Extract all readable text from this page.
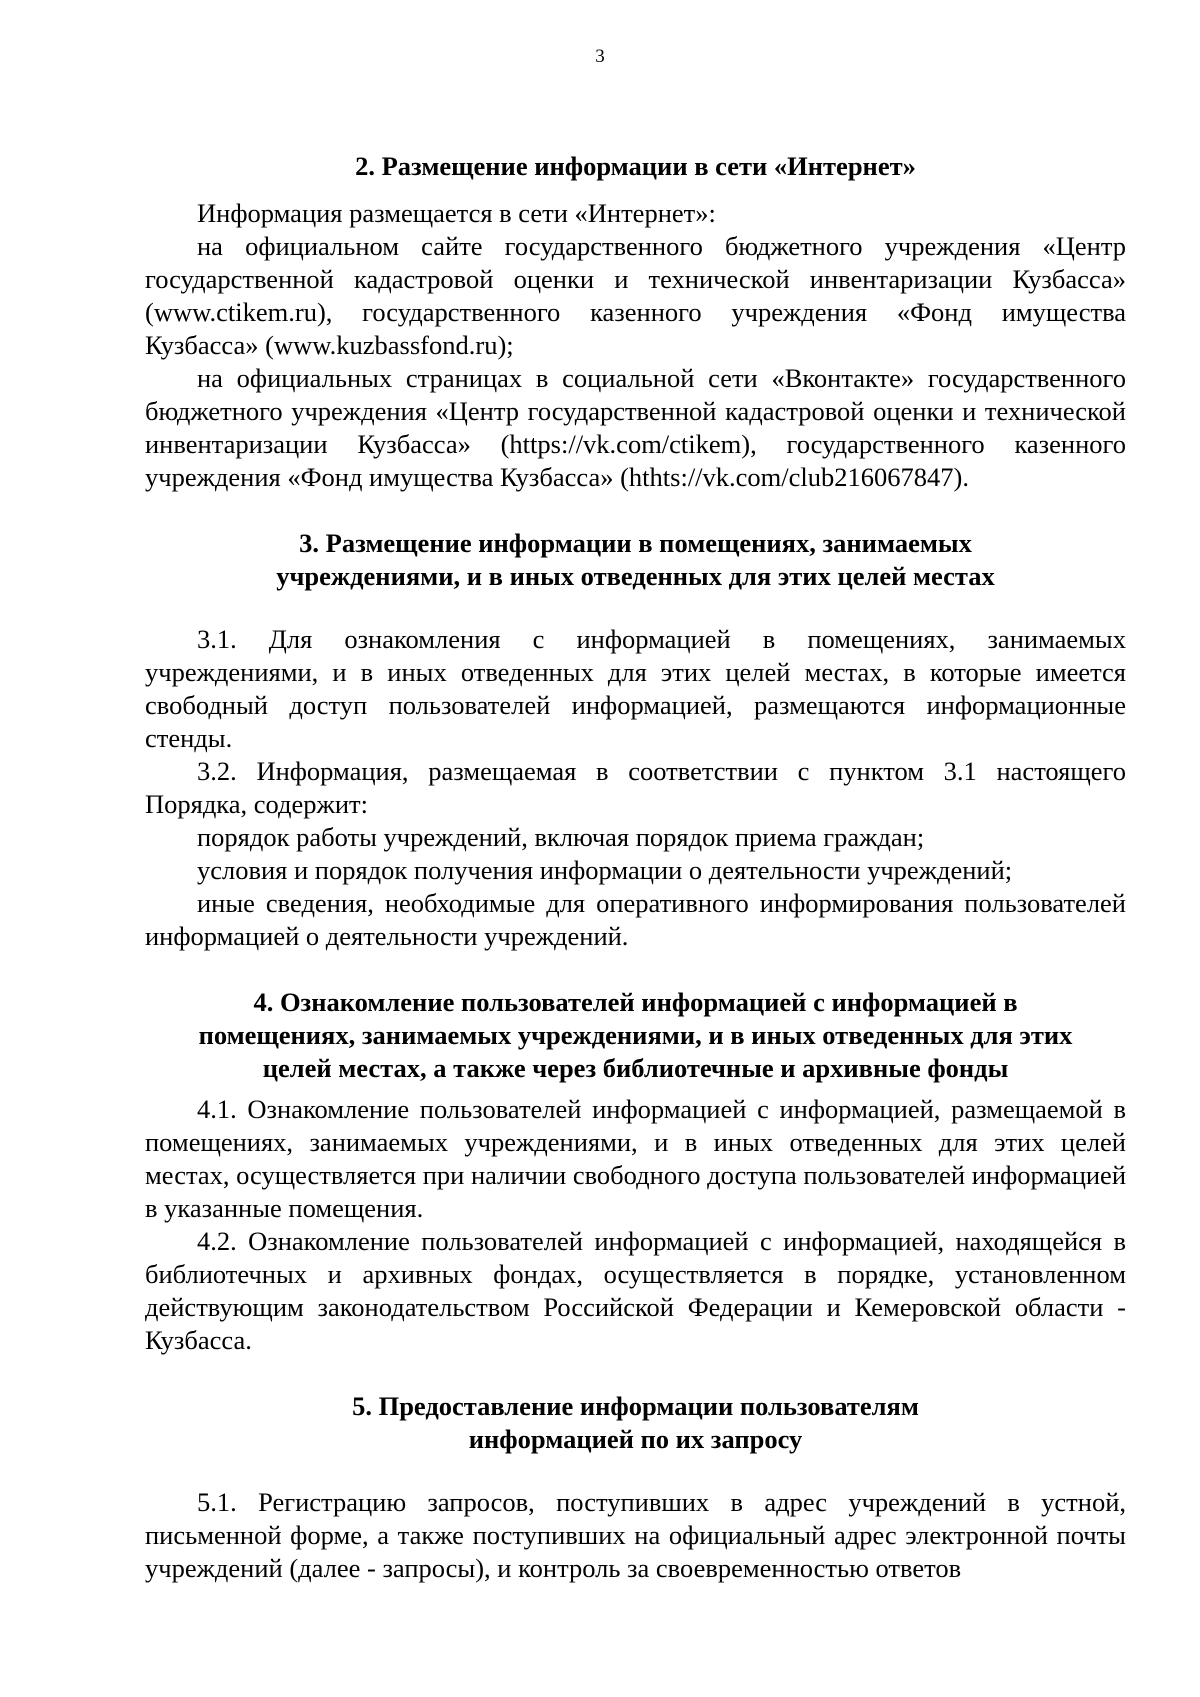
3

2. Размещение информации в сети «Интернет»

Информация размещается в сети «Интернет»:

на официальном сайте государственного бюджетного учреждения «Центр государственной кадастровой оценки и технической инвентаризации Кузбасса» (www.ctikem.ru), государственного казенного учреждения «Фонд имущества Кузбасса» (www.kuzbassfond.ru);

на официальных страницах в социальной сети «Вконтакте» государственного бюджетного учреждения «Центр государственной кадастровой оценки и технической инвентаризации Кузбасса» (https://vk.com/ctikem), государственного казенного учреждения «Фонд имущества Кузбасса» (hthts://vk.com/club216067847).

3. Размещение информации в помещениях, занимаемых
учреждениями, и в иных отведенных для этих целей местах

3.1. Для ознакомления с информацией в помещениях, занимаемых учреждениями, и в иных отведенных для этих целей местах, в которые имеется свободный доступ пользователей информацией, размещаются информационные стенды.

3.2. Информация, размещаемая в соответствии с пунктом 3.1 настоящего Порядка, содержит:

порядок работы учреждений, включая порядок приема граждан;

условия и порядок получения информации о деятельности учреждений;

иные сведения, необходимые для оперативного информирования пользователей информацией о деятельности учреждений.

4. Ознакомление пользователей информацией с информацией в
помещениях, занимаемых учреждениями, и в иных отведенных для этих
целей местах, а также через библиотечные и архивные фонды

4.1. Ознакомление пользователей информацией с информацией, размещаемой в помещениях, занимаемых учреждениями, и в иных отведенных для этих целей местах, осуществляется при наличии свободного доступа пользователей информацией в указанные помещения.

4.2. Ознакомление пользователей информацией с информацией, находящейся в библиотечных и архивных фондах, осуществляется в порядке, установленном действующим законодательством Российской Федерации и Кемеровской области - Кузбасса.

5. Предоставление информации пользователям
информацией по их запросу

5.1. Регистрацию запросов, поступивших в адрес учреждений в устной, письменной форме, а также поступивших на официальный адрес электронной почты учреждений (далее - запросы), и контроль за своевременностью ответов
